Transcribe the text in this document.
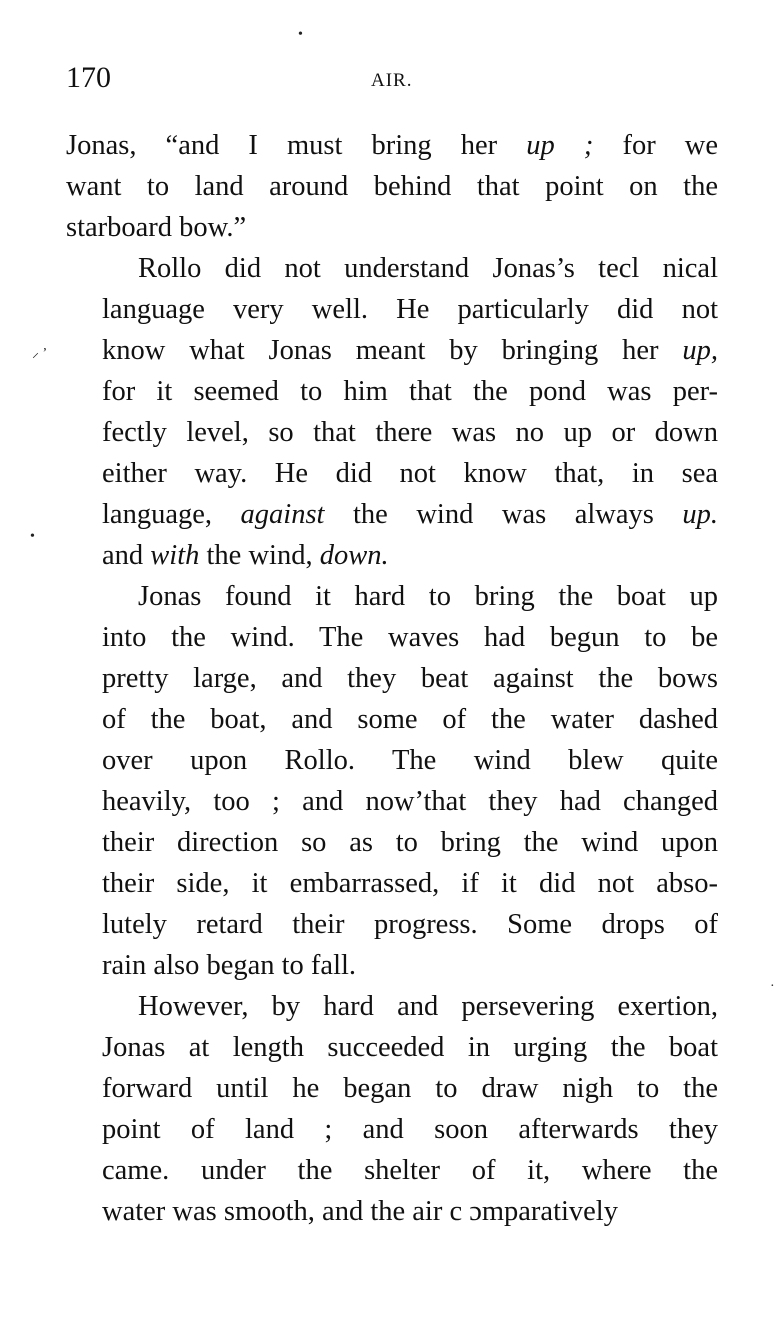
170	AIR.
•
⸝ ’
•
·
Jonas, “and I must bring her up ; for we
want to land around behind that point on the
starboard bow.”
Rollo did not understand Jonas’s tecl nical
language very well. He particularly did not
know what Jonas meant by bringing her up,
for it seemed to him that the pond was per-
fectly level, so that there was no up or down
either way. He did not know that, in sea
language, against the wind was always up.
and with the wind, down.
Jonas found it hard to bring the boat up
into the wind. The waves had begun to be
pretty large, and they beat against the bows
of the boat, and some of the water dashed
over upon Rollo. The wind blew quite
heavily, too ; and now’that they had changed
their direction so as to bring the wind upon
their side, it embarrassed, if it did not abso-
lutely retard their progress. Some drops of
rain also began to fall.
However, by hard and persevering exertion,
Jonas at length succeeded in urging the boat
forward until he began to draw nigh to the
point of land ; and soon afterwards they
came. under the shelter of it, where the
water was smooth, and the air c ɔmparatively
